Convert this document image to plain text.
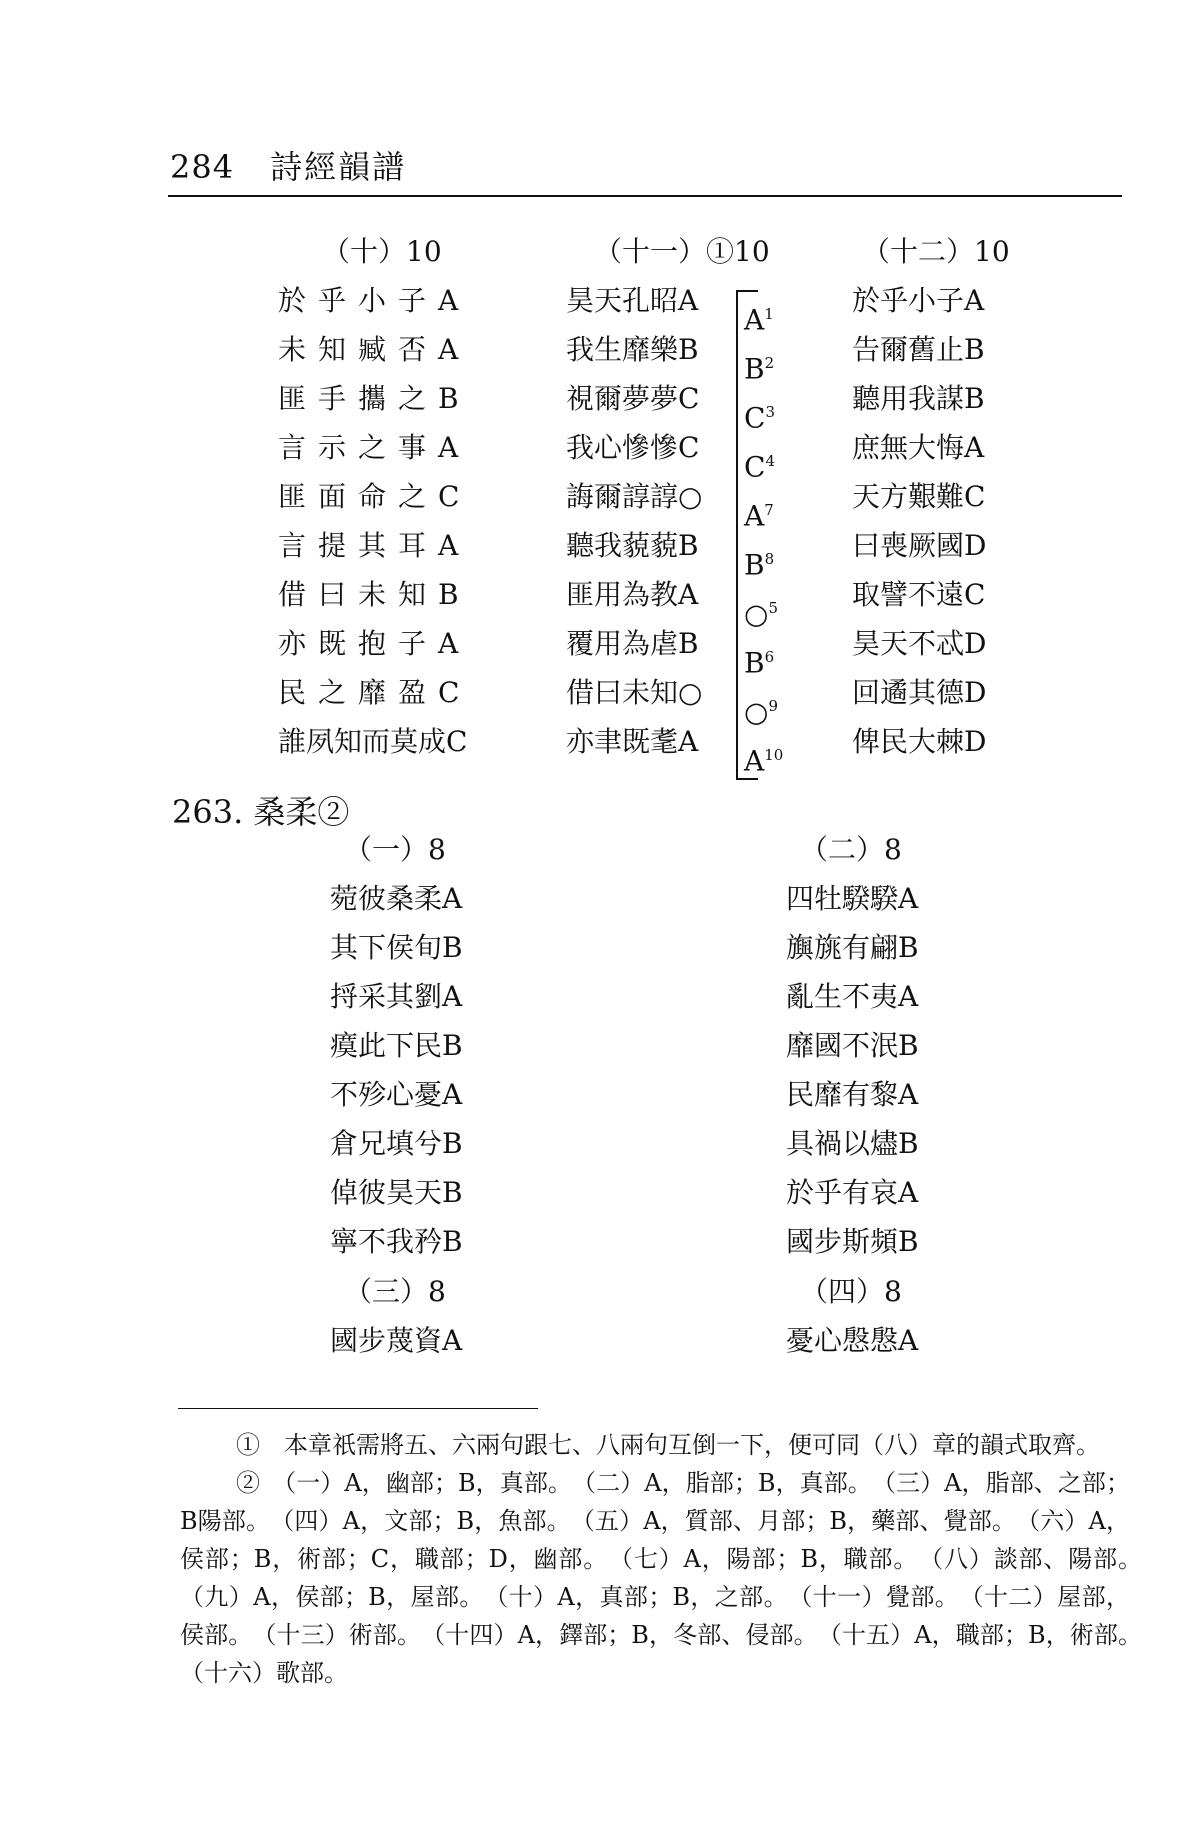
284 詩經韻譜
（十）10
於乎小子A
未知臧否A
匪手攜之B
言示之事A
匪面命之C
言提其耳A
借曰未知B
亦既抱子A
民之靡盈C
誰夙知而莫成C
（十一）①10
昊天孔昭A
我生靡樂B
視爾夢夢C
我心慘慘C
誨爾諄諄○
聽我藐藐B
匪用為教A
覆用為虐B
借曰未知○
亦聿既耄A
$A^1$
$B^2$
$C^3$
$C^4$
$A^7$
$B^8$
○$^5$
$B^6$
○$^9$
$A^{10}$
（十二）10
於乎小子A
告爾舊止B
聽用我謀B
庶無大悔A
天方艱難C
曰喪厥國D
取譬不遠C
昊天不忒D
回遹其德D
俾民大棘D
263. 桑柔②
（一）8
菀彼桑柔A
其下侯旬B
捋采其劉A
瘼此下民B
不殄心憂A
倉兄填兮B
倬彼昊天B
寧不我矜B
（二）8
四牡騤騤A
旟旐有翩B
亂生不夷A
靡國不泯B
民靡有黎A
具禍以燼B
於乎有哀A
國步斯頻B
（三）8
國步蔑資A
（四）8
憂心慇慇A

①　本章祇需將五、六兩句跟七、八兩句互倒一下，便可同（八）章的韻式取齊。

②　（一）A，幽部；B，真部。　（二）A，脂部；B，真部。　（三）A，脂部、之部；B陽部。　（四）A，文部；B，魚部。　（五）A，質部、月部；B，藥部、覺部。　（六）A，侯部；B，術部；C，職部；D，幽部。　（七）A，陽部；B，職部。　（八）談部、陽部。　（九）A，侯部；B，屋部。　（十）A，真部；B，之部。　（十一）覺部。　（十二）屋部，侯部。　（十三）術部。　（十四）A，鐸部；B，冬部、侵部。　（十五）A，職部；B，術部。　（十六）歌部。
